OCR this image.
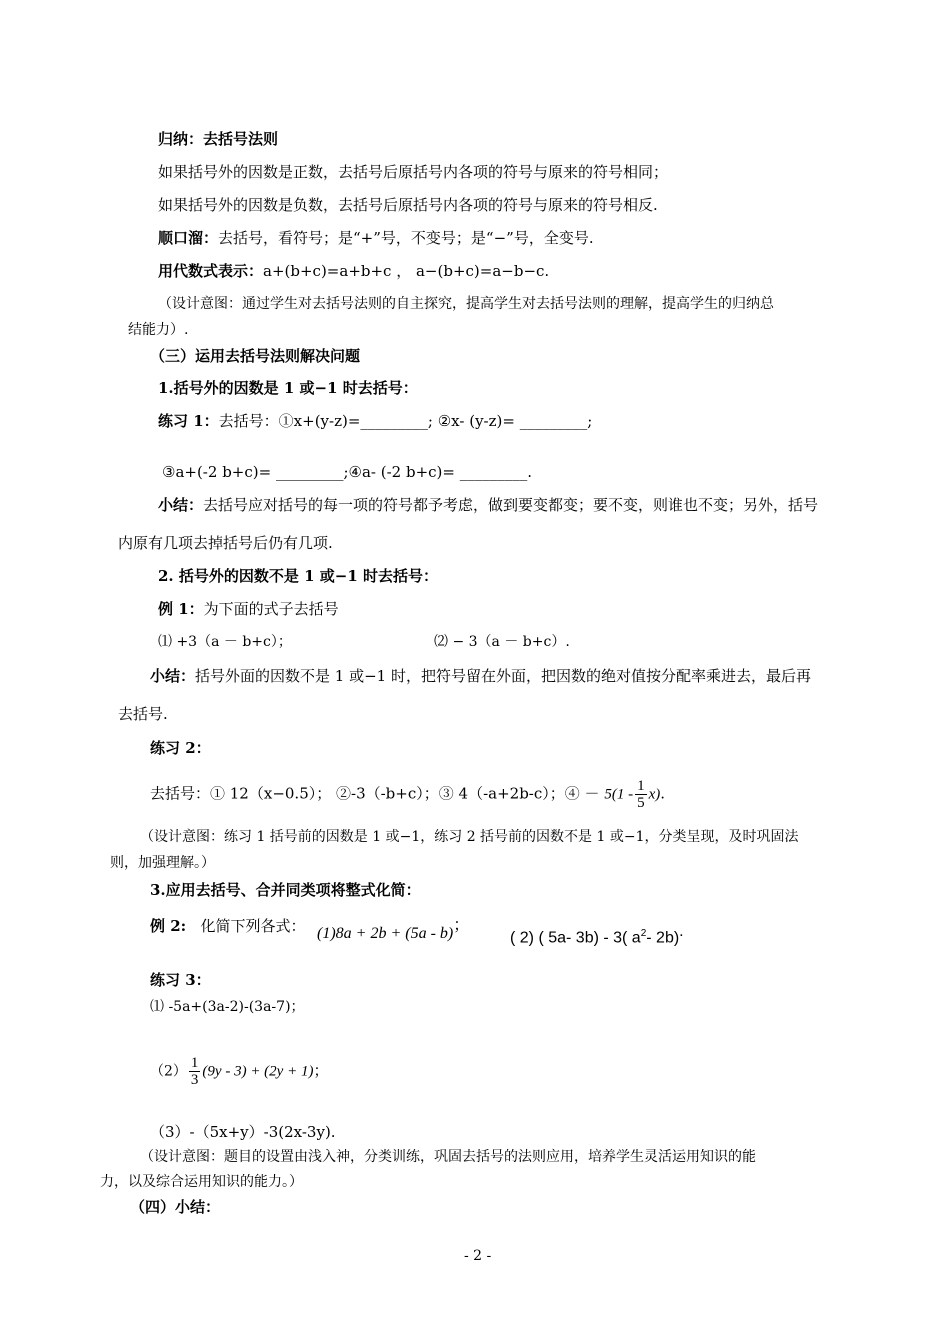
归纳：去括号法则
如果括号外的因数是正数，去括号后原括号内各项的符号与原来的符号相同；
如果括号外的因数是负数，去括号后原括号内各项的符号与原来的符号相反.
顺口溜：去括号，看符号；是“+”号，不变号；是“−”号，全变号.
用代数式表示：a+(b+c)=a+b+c ， a−(b+c)=a−b−c.
（设计意图：通过学生对去括号法则的自主探究，提高学生对去括号法则的理解，提高学生的归纳总
结能力）.
（三）运用去括号法则解决问题
1.括号外的因数是 1 或−1 时去括号：
练习 1：去括号：①x+(y-z)=_________; ②x- (y-z)= _________;
③a+(-2 b+c)= _________;④a- (-2 b+c)= _________.
小结：去括号应对括号的每一项的符号都予考虑，做到要变都变；要不变，则谁也不变；另外，括号
内原有几项去掉括号后仍有几项.
2. 括号外的因数不是 1 或−1 时去括号：
例 1：为下面的式子去括号
⑴ +3（a － b+c）；	⑵ − 3（a － b+c）.
小结：括号外面的因数不是 1 或−1 时，把符号留在外面，把因数的绝对值按分配率乘进去，最后再
去括号.
练习 2：
去括号：① 12（x−0.5）； ②-3（-b+c）；③ 4（-a+2b-c）；④ － $5(1 - \frac{1}{5} x)$.
（设计意图：练习 1 括号前的因数是 1 或−1，练习 2 括号前的因数不是 1 或−1，分类呈现，及时巩固法
则，加强理解。）
3.应用去括号、合并同类项将整式化简：
例 2: 化简下列各式： (1)8a + 2b + (5a - b)；
( 2) ( 5a- 3b) - 3( $a^2-$ 2b).
练习 3：
⑴ -5a+(3a-2)-(3a-7)；
$(2) \frac{1}{3} (9y - 3) + (2y + 1)$；
（3）-（5x+y）-3(2x-3y).
（设计意图：题目的设置由浅入神，分类训练，巩固去括号的法则应用，培养学生灵活运用知识的能
力，以及综合运用知识的能力。）
（四）小结：
- 2 -
